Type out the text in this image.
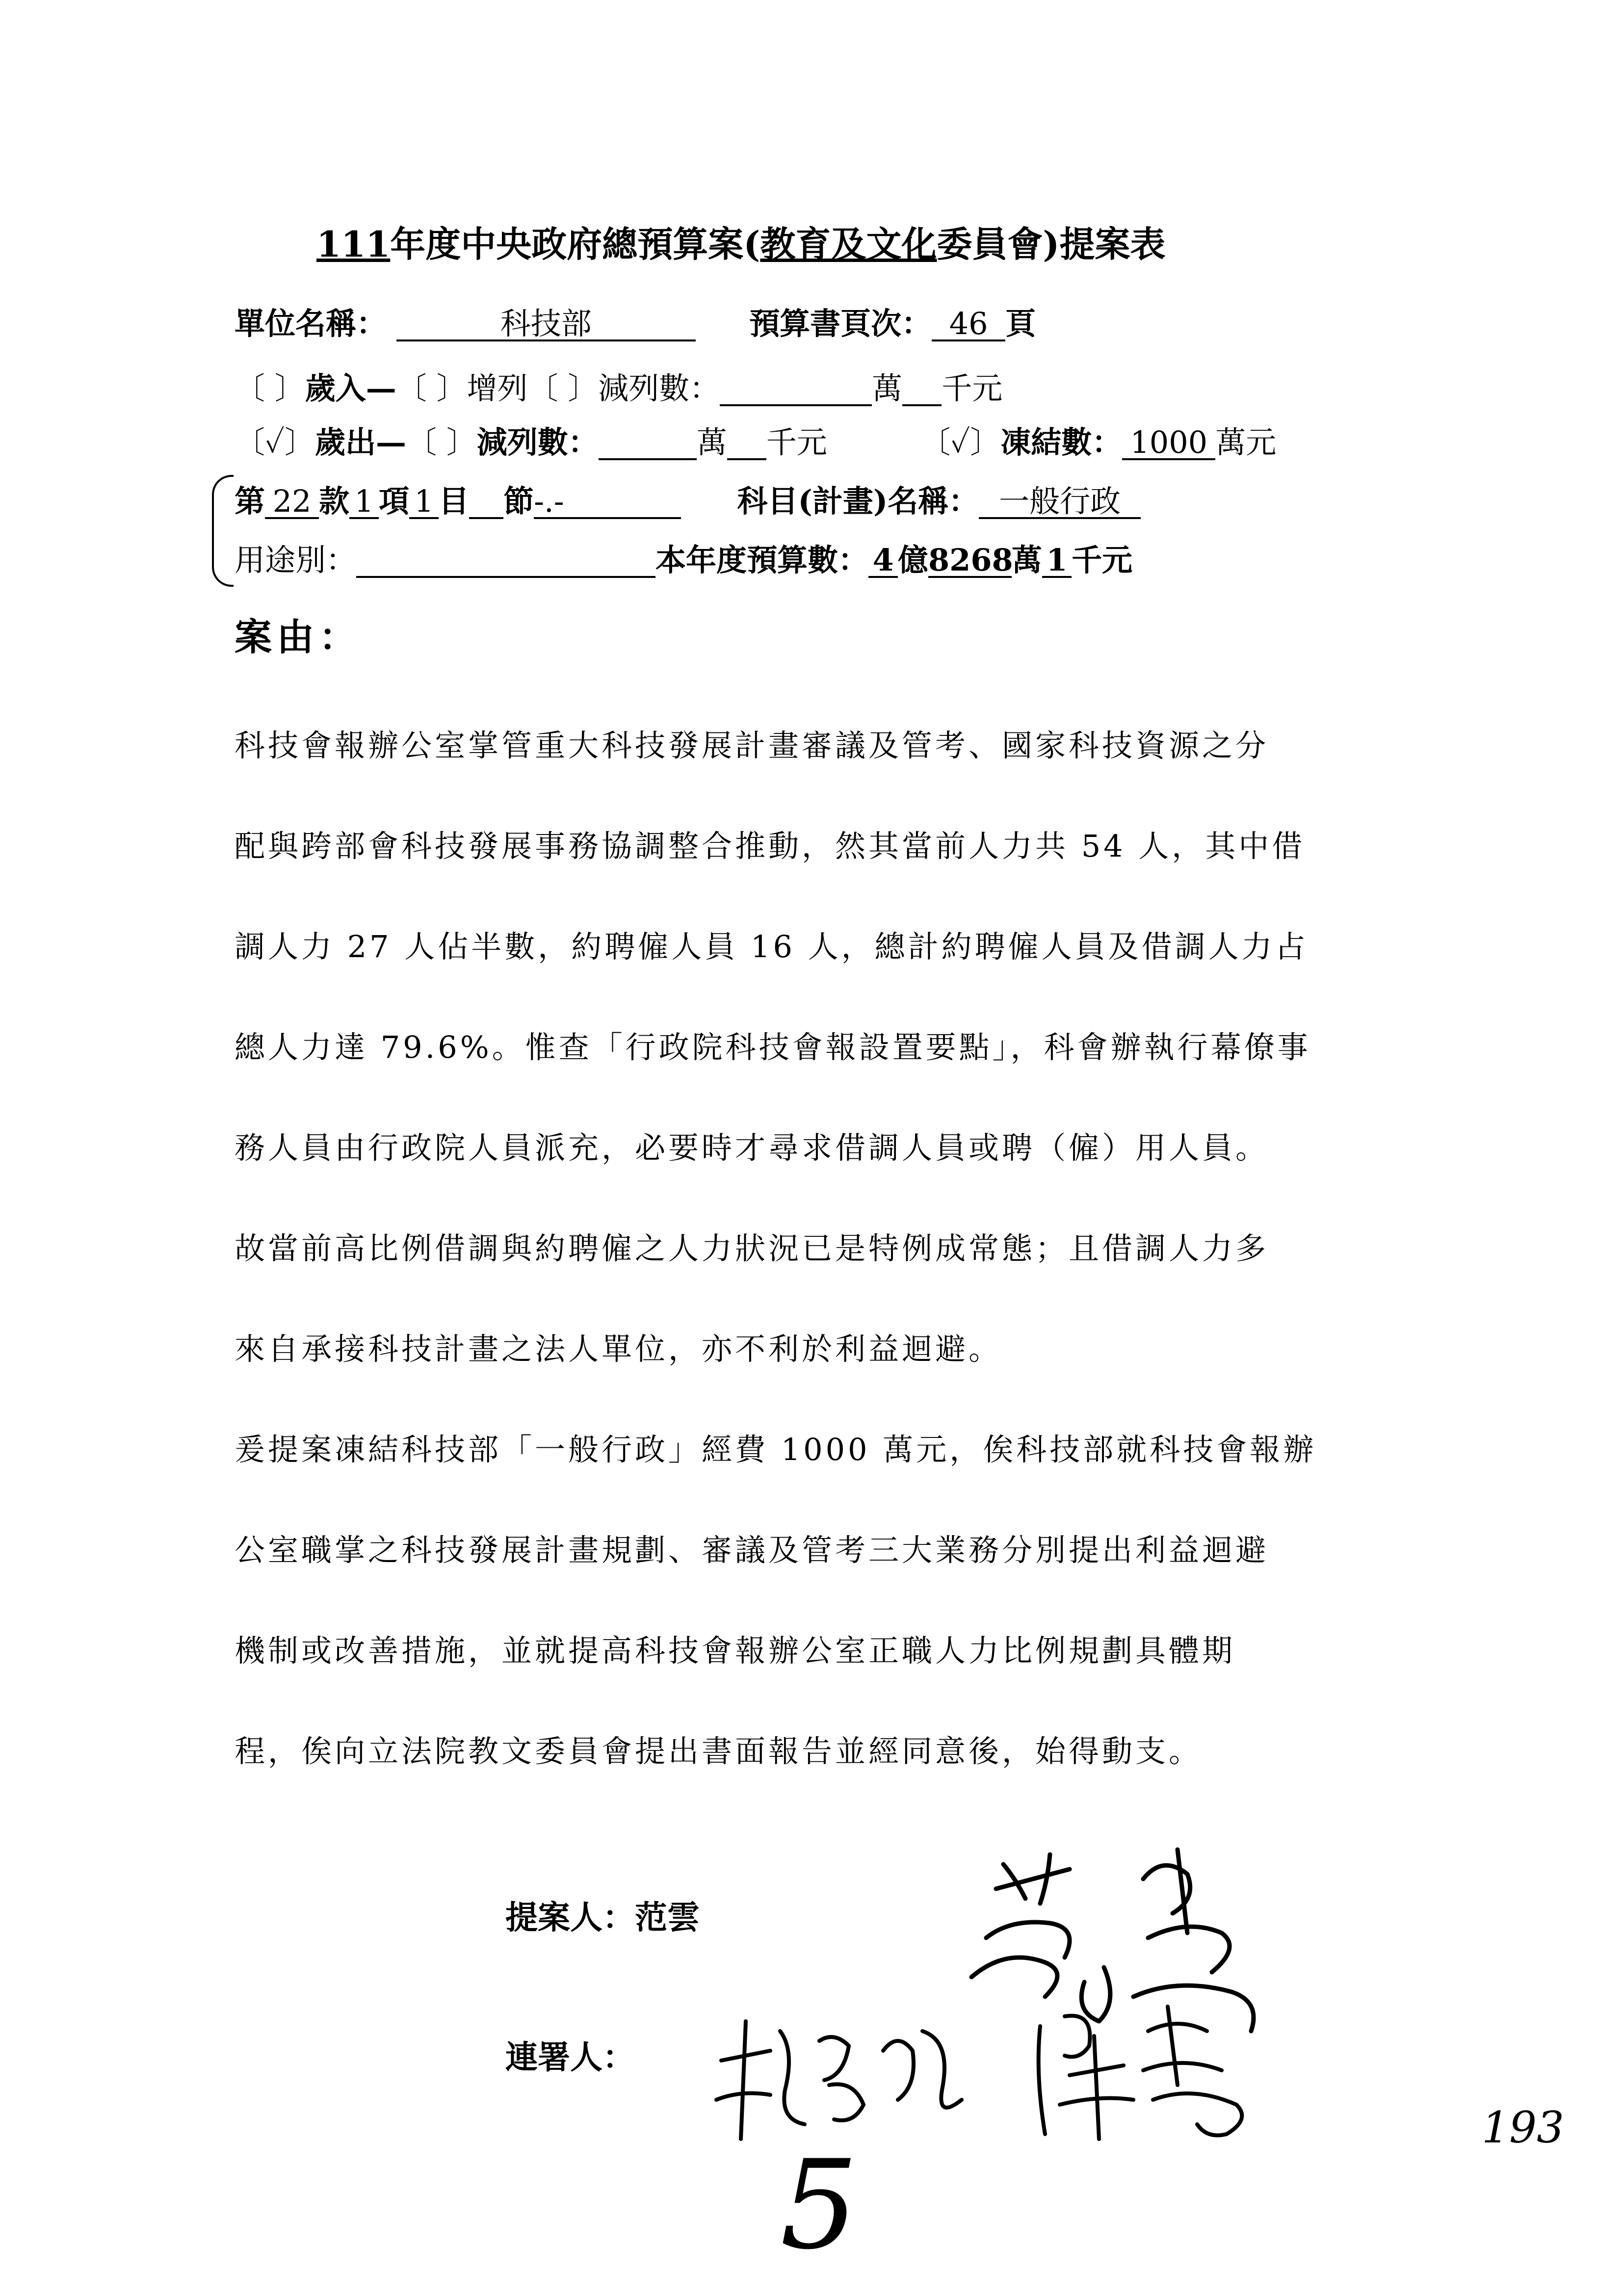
111年度中央政府總預算案(教育及文化委員會)提案表
單位名稱：	科技部	預算書頁次： 46 頁
〔 〕歲入—〔 〕增列〔 〕減列數：	萬 千元
〔✓〕歲出—〔 〕減列數：	萬 千元	〔✓〕凍結數： 1000 萬元
第 22 款 1 項 1 目 節-.-	科目(計畫)名稱： 一般行政
用途別：	本年度預算數： 4 億8268萬 1 千元
案由：
科技會報辦公室掌管重大科技發展計畫審議及管考、國家科技資源之分
配與跨部會科技發展事務協調整合推動，然其當前人力共 54 人，其中借
調人力 27 人佔半數，約聘僱人員 16 人，總計約聘僱人員及借調人力占
總人力達 79.6%。惟查「行政院科技會報設置要點」，科會辦執行幕僚事
務人員由行政院人員派充，必要時才尋求借調人員或聘（僱）用人員。
故當前高比例借調與約聘僱之人力狀況已是特例成常態；且借調人力多
來自承接科技計畫之法人單位，亦不利於利益迴避。
爰提案凍結科技部「一般行政」經費 1000 萬元，俟科技部就科技會報辦
公室職掌之科技發展計畫規劃、審議及管考三大業務分別提出利益迴避
機制或改善措施，並就提高科技會報辦公室正職人力比例規劃具體期
程，俟向立法院教文委員會提出書面報告並經同意後，始得動支。
提案人：范雲
連署人：
5
193
